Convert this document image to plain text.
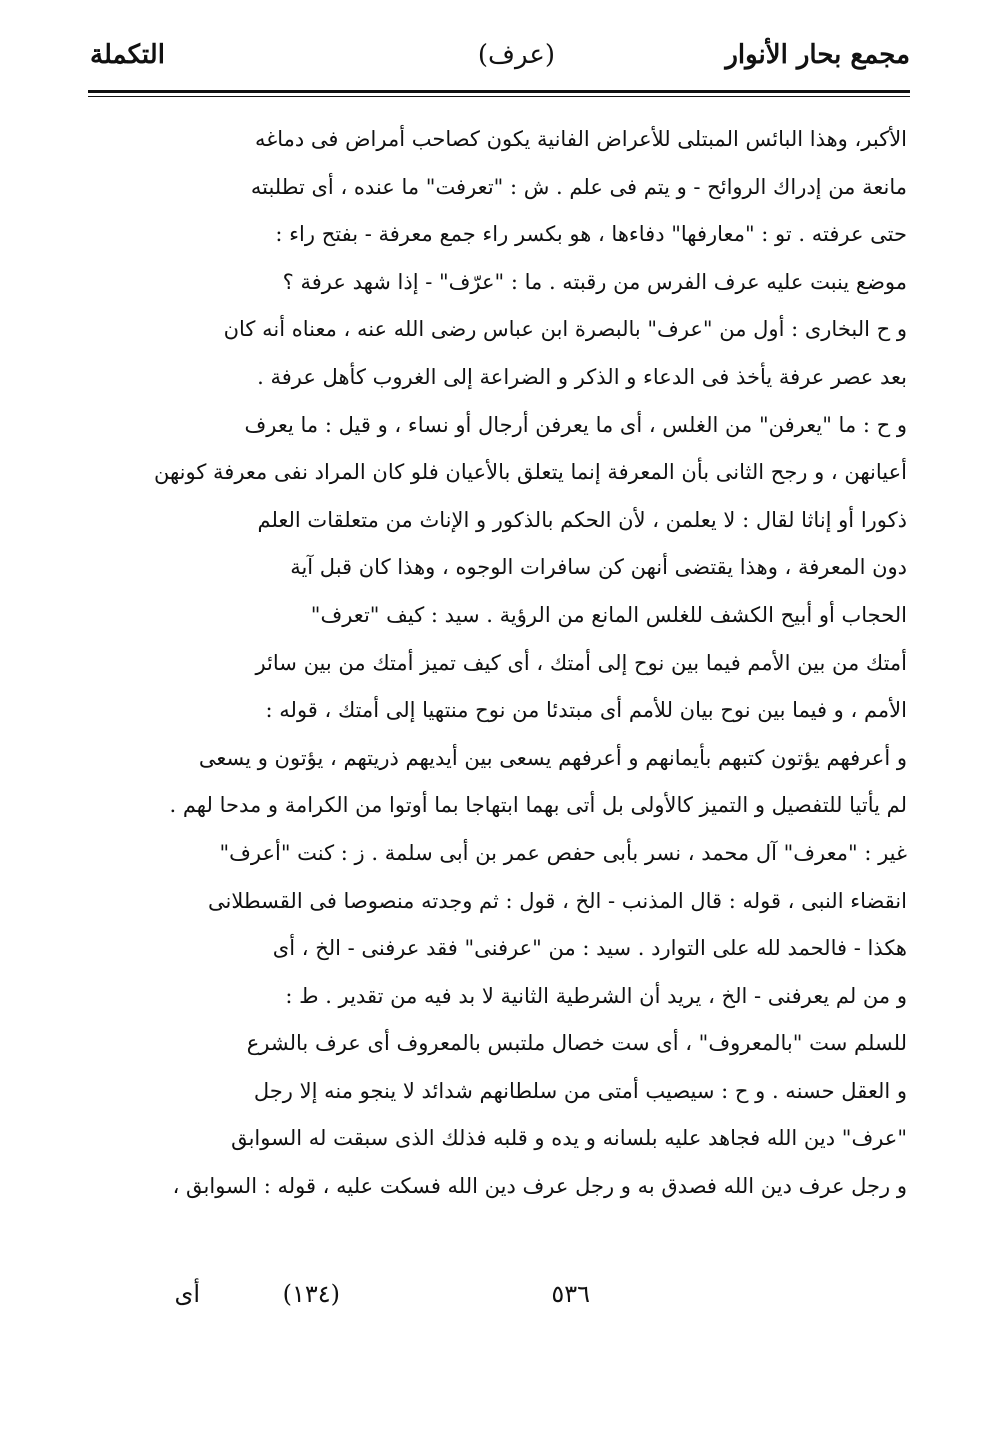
مجمع بحار الأنوار
(عرف)
التكملة
الأكبر، وهذا البائس المبتلى للأعراض الفانية يكون كصاحب أمراض فى دماغه
مانعة من إدراك الروائح - و يتم فى علم . ش : "تعرفت" ما عنده ، أى تطلبته
حتى عرفته . تو : "معارفها" دفاءها ، هو بكسر راء جمع معرفة - بفتح راء :
موضع ينبت عليه عرف الفرس من رقبته . ما : "عرّف" - إذا شهد عرفة ؟
و ح البخارى : أول من "عرف" بالبصرة ابن عباس رضى الله عنه ، معناه أنه كان
بعد عصر عرفة يأخذ فى الدعاء و الذكر و الضراعة إلى الغروب كأهل عرفة .
و ح : ما "يعرفن" من الغلس ، أى ما يعرفن أرجال أو نساء ، و قيل : ما يعرف
أعيانهن ، و رجح الثانى بأن المعرفة إنما يتعلق بالأعيان فلو كان المراد نفى معرفة كونهن
ذكورا أو إناثا لقال : لا يعلمن ، لأن الحكم بالذكور و الإناث من متعلقات العلم
دون المعرفة ، وهذا يقتضى أنهن كن سافرات الوجوه ، وهذا كان قبل آية
الحجاب أو أبيح الكشف للغلس المانع من الرؤية . سيد : كيف "تعرف"
أمتك من بين الأمم فيما بين نوح إلى أمتك ، أى كيف تميز أمتك من بين سائر
الأمم ، و فيما بين نوح بيان للأمم أى مبتدئا من نوح منتهيا إلى أمتك ، قوله :
و أعرفهم يؤتون كتبهم بأيمانهم و أعرفهم يسعى بين أيديهم ذريتهم ، يؤتون و يسعى
لم يأتيا للتفصيل و التميز كالأولى بل أتى بهما ابتهاجا بما أوتوا من الكرامة و مدحا لهم .
غير : "معرف" آل محمد ، نسر بأبى حفص عمر بن أبى سلمة . ز : كنت "أعرف"
انقضاء النبى ، قوله : قال المذنب - الخ ، قول : ثم وجدته منصوصا فى القسطلانى
هكذا - فالحمد لله على التوارد . سيد : من "عرفنى" فقد عرفنى - الخ ، أى
و من لم يعرفنى - الخ ، يريد أن الشرطية الثانية لا بد فيه من تقدير . ط :
للسلم ست "بالمعروف" ، أى ست خصال ملتبس بالمعروف أى عرف بالشرع
و العقل حسنه . و ح : سيصيب أمتى من سلطانهم شدائد لا ينجو منه إلا رجل
"عرف" دين الله فجاهد عليه بلسانه و يده و قلبه فذلك الذى سبقت له السوابق
و رجل عرف دين الله فصدق به و رجل عرف دين الله فسكت عليه ، قوله : السوابق ،
٥٣٦
(١٣٤)
أى
